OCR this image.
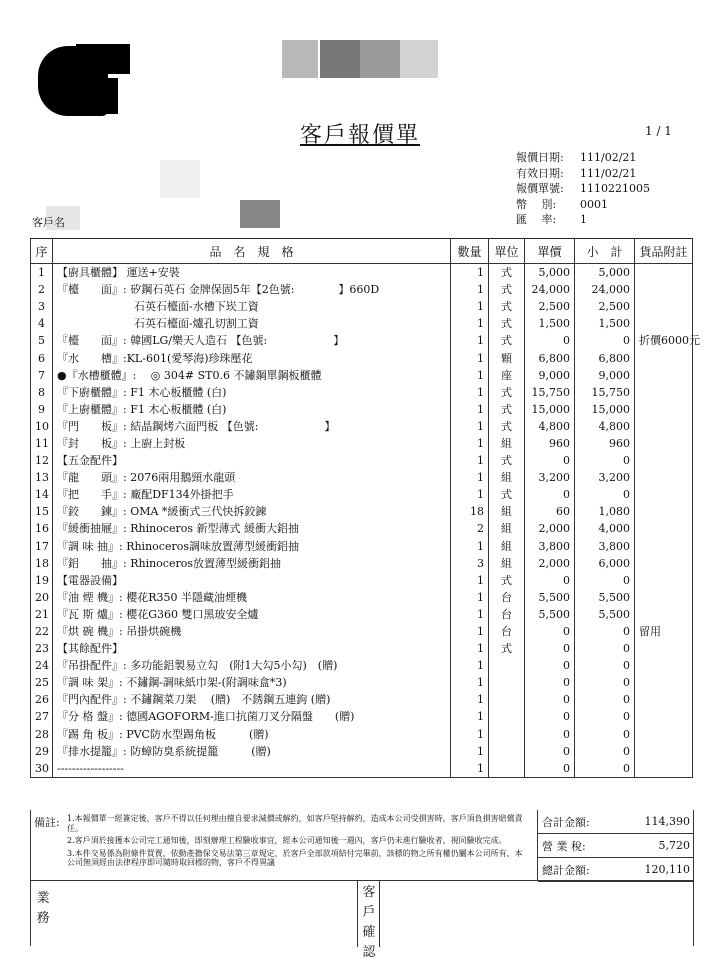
客戶報價單	1 / 1
報價日期:	111/02/21
有效日期:	111/02/21
報價單號:	1110221005
幣　 別:	0001
匯　 率:	1
客戶名
序	品　名　規　格	數量	單位	單價	小　計	貨品附註
1	【廚具櫃體】 運送+安裝	1	式	5,000	5,000	
2	『檯　　面』: 矽鋼石英石 金牌保固5年【2色號:　　　　】660D	1	式	24,000	24,000	
3	　　　　　　　石英石檯面-水槽下崁工資	1	式	2,500	2,500	
4	　　　　　　　石英石檯面-爐孔切割工資	1	式	1,500	1,500	
5	『檯　　面』: 韓國LG/樂天人造石 【色號:　　　　　　】	1	式	0	0	折價6000元
6	『水　　槽』:KL-601(愛琴海)珍珠壓花	1	顆	6,800	6,800	
7	●『水槽櫃體』: 　◎ 304# ST0.6 不鏽鋼單鋼板櫃體	1	座	9,000	9,000	
8	『下廚櫃體』: F1 木心板櫃體 (白)	1	式	15,750	15,750	
9	『上廚櫃體』: F1 木心板櫃體 (白)	1	式	15,000	15,000	
10	『門　　板』: 結晶鋼烤六面門板 【色號:　　　　　　】	1	式	4,800	4,800	
11	『封　　板』: 上廚上封板	1	組	960	960	
12	【五金配件】	1	式	0	0	
13	『龍　　頭』: 2076兩用鵝頸水龍頭	1	組	3,200	3,200	
14	『把　　手』: 廠配DF134外掛把手	1	式	0	0	
15	『鉸　　鍊』: OMA *緩衝式三代快拆鉸鍊	18	組	60	1,080	
16	『緩衝抽屜』: Rhinoceros 新型薄式 緩衝大鋁抽	2	組	2,000	4,000	
17	『調 味 抽』: Rhinoceros調味放置薄型緩衝鋁抽	1	組	3,800	3,800	
18	『鋁　　抽』: Rhinoceros放置薄型緩衝鋁抽	3	組	2,000	6,000	
19	【電器設備】	1	式	0	0	
20	『油 煙 機』: 櫻花R350 半隱藏油煙機	1	台	5,500	5,500	
21	『瓦 斯 爐』: 櫻花G360 雙口黑玻安全爐	1	台	5,500	5,500	
22	『烘 碗 機』: 吊掛烘碗機	1	台	0	0	留用
23	【其餘配件】	1	式	0	0	
24	『吊掛配件』: 多功能鋁製易立勾　(附1大勾5小勾)　(贈)	1		0	0	
25	『調 味 架』: 不鏽鋼-調味紙巾架-(附調味盒*3)	1		0	0	
26	『門內配件』: 不鏽鋼菜刀架　 (贈)　不銹鋼五連鉤 (贈)	1		0	0	
27	『分 格 盤』: 德國AGOFORM-進口抗菌刀叉分隔盤　　(贈)	1		0	0	
28	『踢 角 板』: PVC防水型踢角板　　　(贈)	1		0	0	
29	『排水提籠』: 防蟑防臭系統提籠　　　(贈)	1		0	0	
30	------------------	1		0	0	
備註: 1.本報價單一經簽定後，客戶不得以任何理由擅自要求減價或解約，如客戶堅持解約，造成本公司受損害時，客戶須負損害賠償責任。
2.客戶須於接獲本公司完工通知後，即刻辦理工程驗收事宜，經本公司通知後一週內，客戶仍未進行驗收者，視同驗收完成。
3.本件交易係為附條件買賣，依動產擔保交易法第三章規定，於客戶全部款項結付完畢前，該標的物之所有權仍屬本公司所有，本公司無須經由法律程序即可隨時取回標的物，客戶不得異議
合計金額:	114,390
營 業 稅:	5,720
總計金額:	120,110
業務
客戶確認
